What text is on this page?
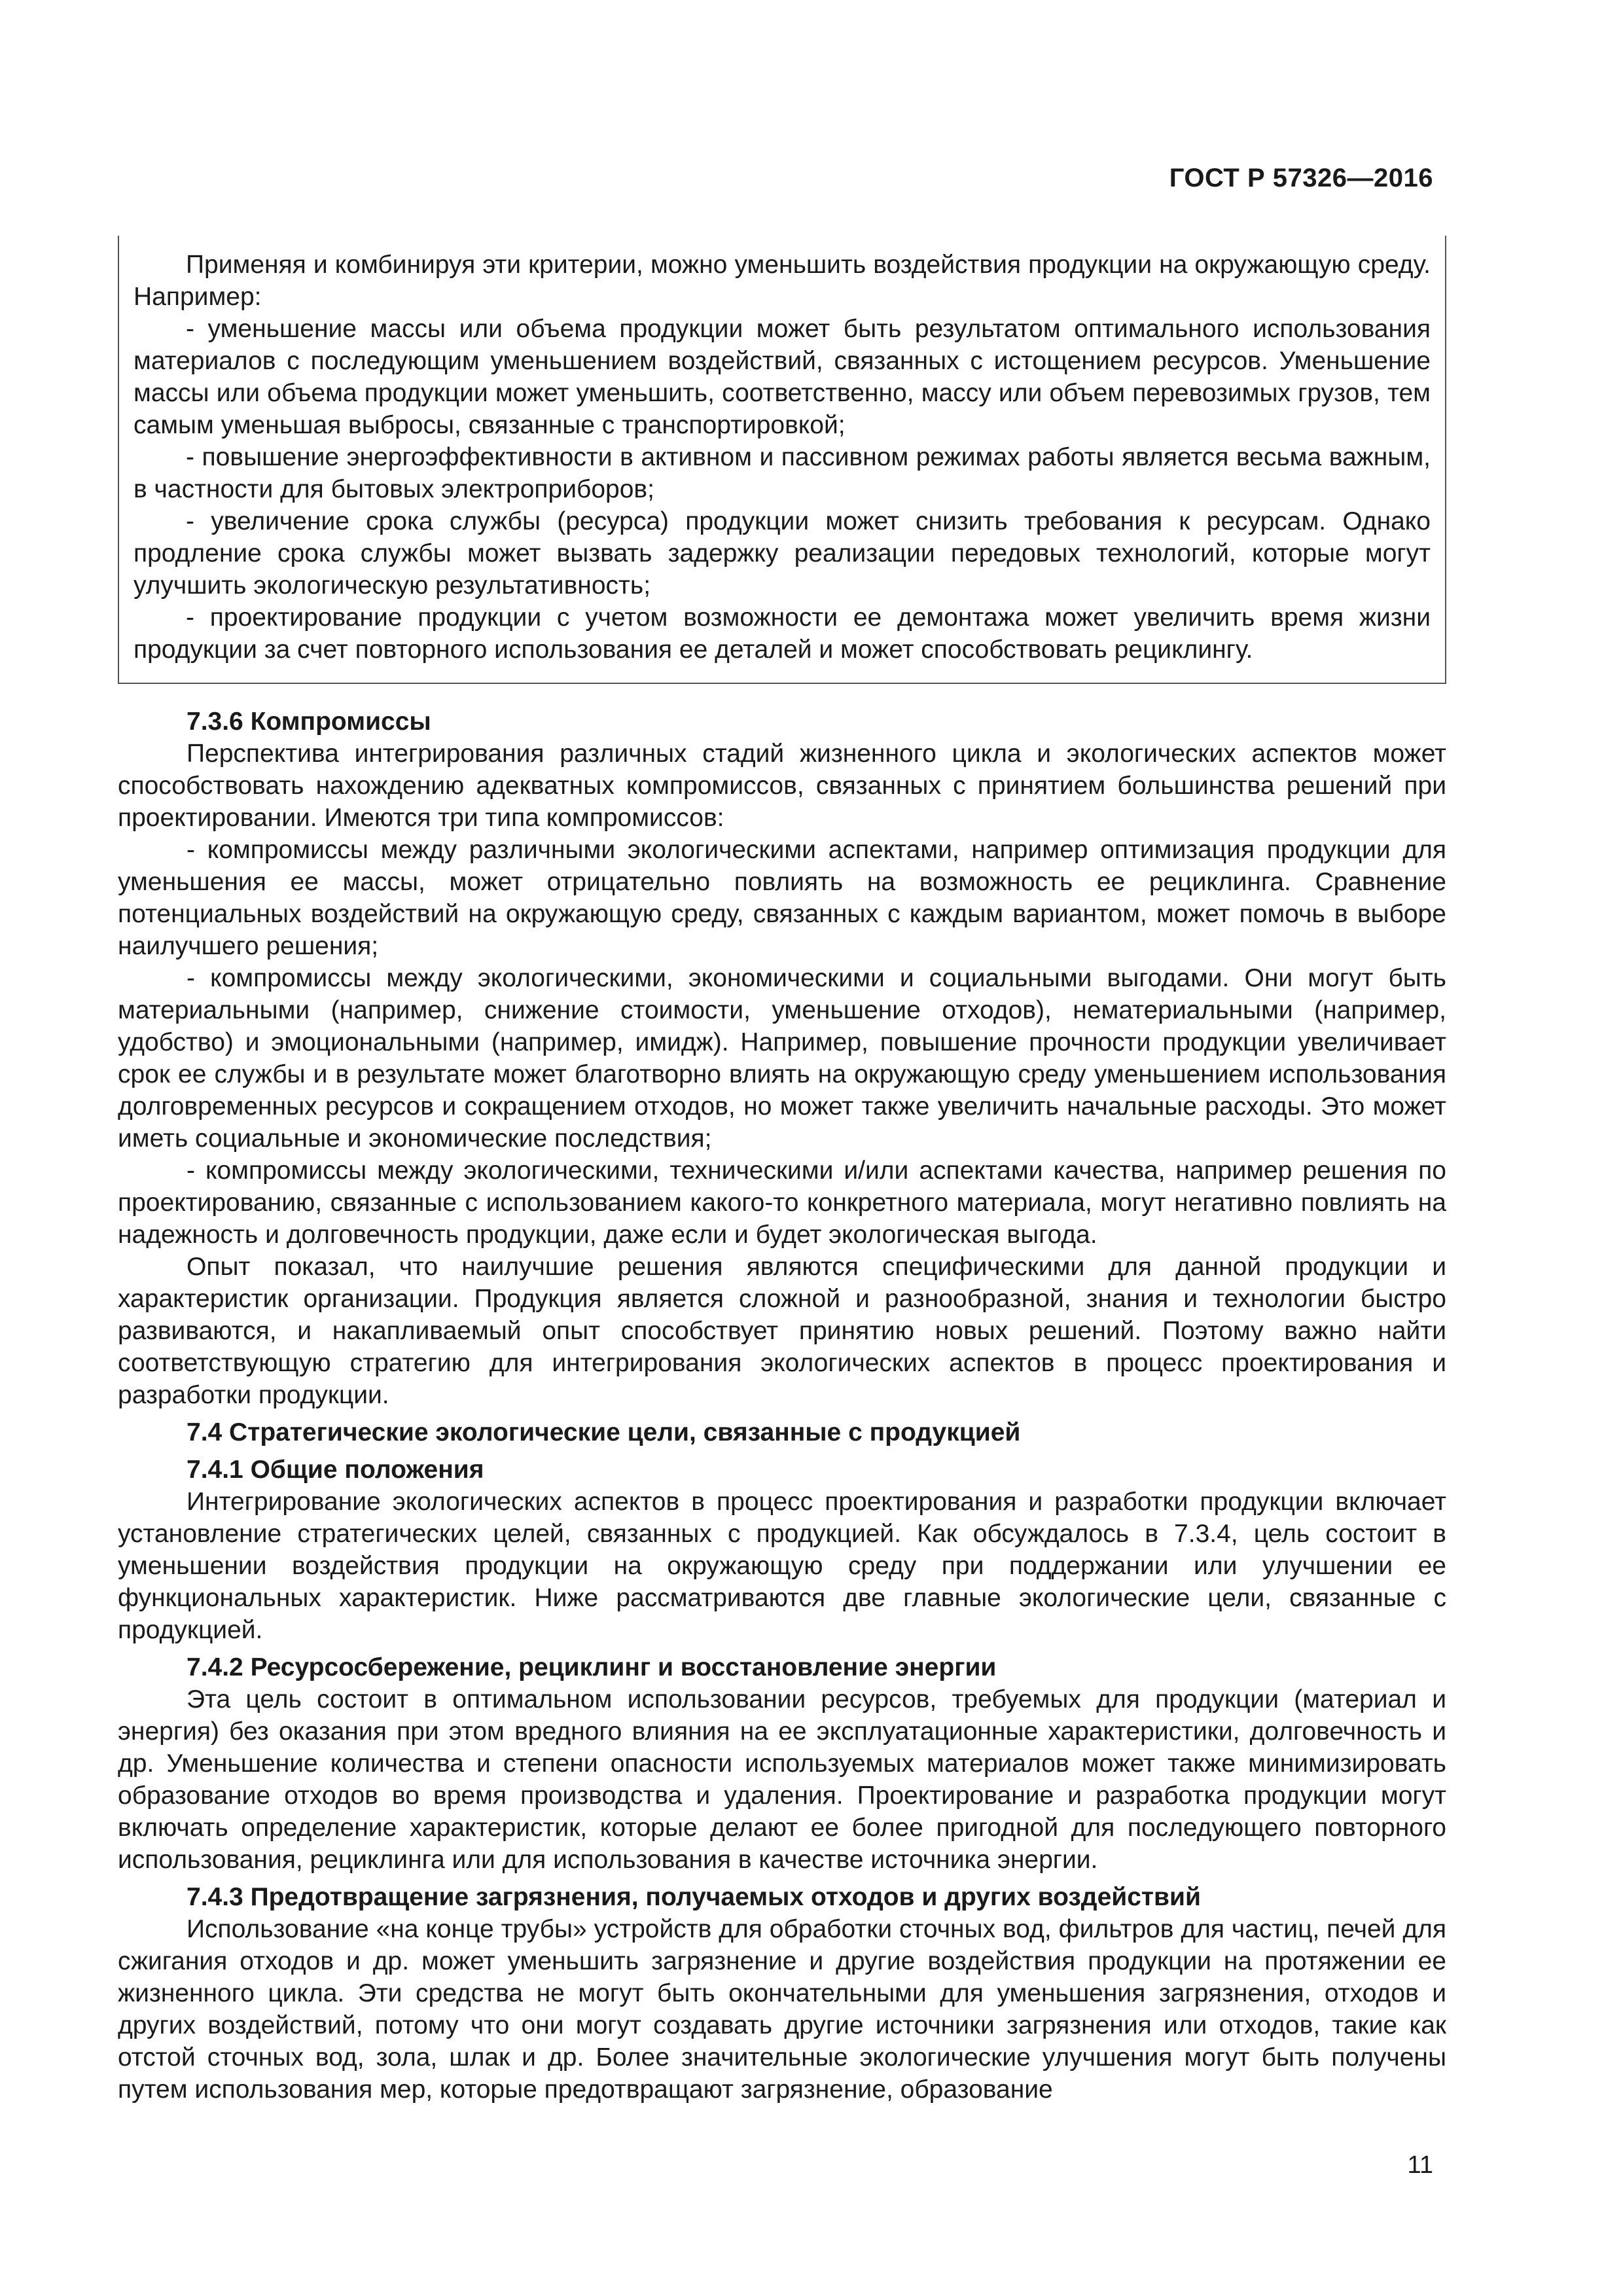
ГОСТ Р 57326—2016

Применяя и комбинируя эти критерии, можно уменьшить воздействия продукции на окружающую среду. Например:

- уменьшение массы или объема продукции может быть результатом оптимального использования материалов с последующим уменьшением воздействий, связанных с истощением ресурсов. Уменьшение массы или объема продукции может уменьшить, соответственно, массу или объем перевозимых грузов, тем самым уменьшая выбросы, связанные с транспортировкой;

- повышение энергоэффективности в активном и пассивном режимах работы является весьма важным, в частности для бытовых электроприборов;

- увеличение срока службы (ресурса) продукции может снизить требования к ресурсам. Однако продление срока службы может вызвать задержку реализации передовых технологий, которые могут улучшить экологическую результативность;

- проектирование продукции с учетом возможности ее демонтажа может увеличить время жизни продукции за счет повторного использования ее деталей и может способствовать рециклингу.

7.3.6 Компромиссы

Перспектива интегрирования различных стадий жизненного цикла и экологических аспектов может способствовать нахождению адекватных компромиссов, связанных с принятием большинства решений при проектировании. Имеются три типа компромиссов:

- компромиссы между различными экологическими аспектами, например оптимизация продукции для уменьшения ее массы, может отрицательно повлиять на возможность ее рециклинга. Сравнение потенциальных воздействий на окружающую среду, связанных с каждым вариантом, может помочь в выборе наилучшего решения;

- компромиссы между экологическими, экономическими и социальными выгодами. Они могут быть материальными (например, снижение стоимости, уменьшение отходов), нематериальными (например, удобство) и эмоциональными (например, имидж). Например, повышение прочности продукции увеличивает срок ее службы и в результате может благотворно влиять на окружающую среду уменьшением использования долговременных ресурсов и сокращением отходов, но может также увеличить начальные расходы. Это может иметь социальные и экономические последствия;

- компромиссы между экологическими, техническими и/или аспектами качества, например решения по проектированию, связанные с использованием какого-то конкретного материала, могут негативно повлиять на надежность и долговечность продукции, даже если и будет экологическая выгода.

Опыт показал, что наилучшие решения являются специфическими для данной продукции и характеристик организации. Продукция является сложной и разнообразной, знания и технологии быстро развиваются, и накапливаемый опыт способствует принятию новых решений. Поэтому важно найти соответствующую стратегию для интегрирования экологических аспектов в процесс проектирования и разработки продукции.

7.4 Стратегические экологические цели, связанные с продукцией

7.4.1 Общие положения

Интегрирование экологических аспектов в процесс проектирования и разработки продукции включает установление стратегических целей, связанных с продукцией. Как обсуждалось в 7.3.4, цель состоит в уменьшении воздействия продукции на окружающую среду при поддержании или улучшении ее функциональных характеристик. Ниже рассматриваются две главные экологические цели, связанные с продукцией.

7.4.2 Ресурсосбережение, рециклинг и восстановление энергии

Эта цель состоит в оптимальном использовании ресурсов, требуемых для продукции (материал и энергия) без оказания при этом вредного влияния на ее эксплуатационные характеристики, долговечность и др. Уменьшение количества и степени опасности используемых материалов может также минимизировать образование отходов во время производства и удаления. Проектирование и разработка продукции могут включать определение характеристик, которые делают ее более пригодной для последующего повторного использования, рециклинга или для использования в качестве источника энергии.

7.4.3 Предотвращение загрязнения, получаемых отходов и других воздействий

Использование «на конце трубы» устройств для обработки сточных вод, фильтров для частиц, печей для сжигания отходов и др. может уменьшить загрязнение и другие воздействия продукции на протяжении ее жизненного цикла. Эти средства не могут быть окончательными для уменьшения загрязнения, отходов и других воздействий, потому что они могут создавать другие источники загрязнения или отходов, такие как отстой сточных вод, зола, шлак и др. Более значительные экологические улучшения могут быть получены путем использования мер, которые предотвращают загрязнение, образование

11
